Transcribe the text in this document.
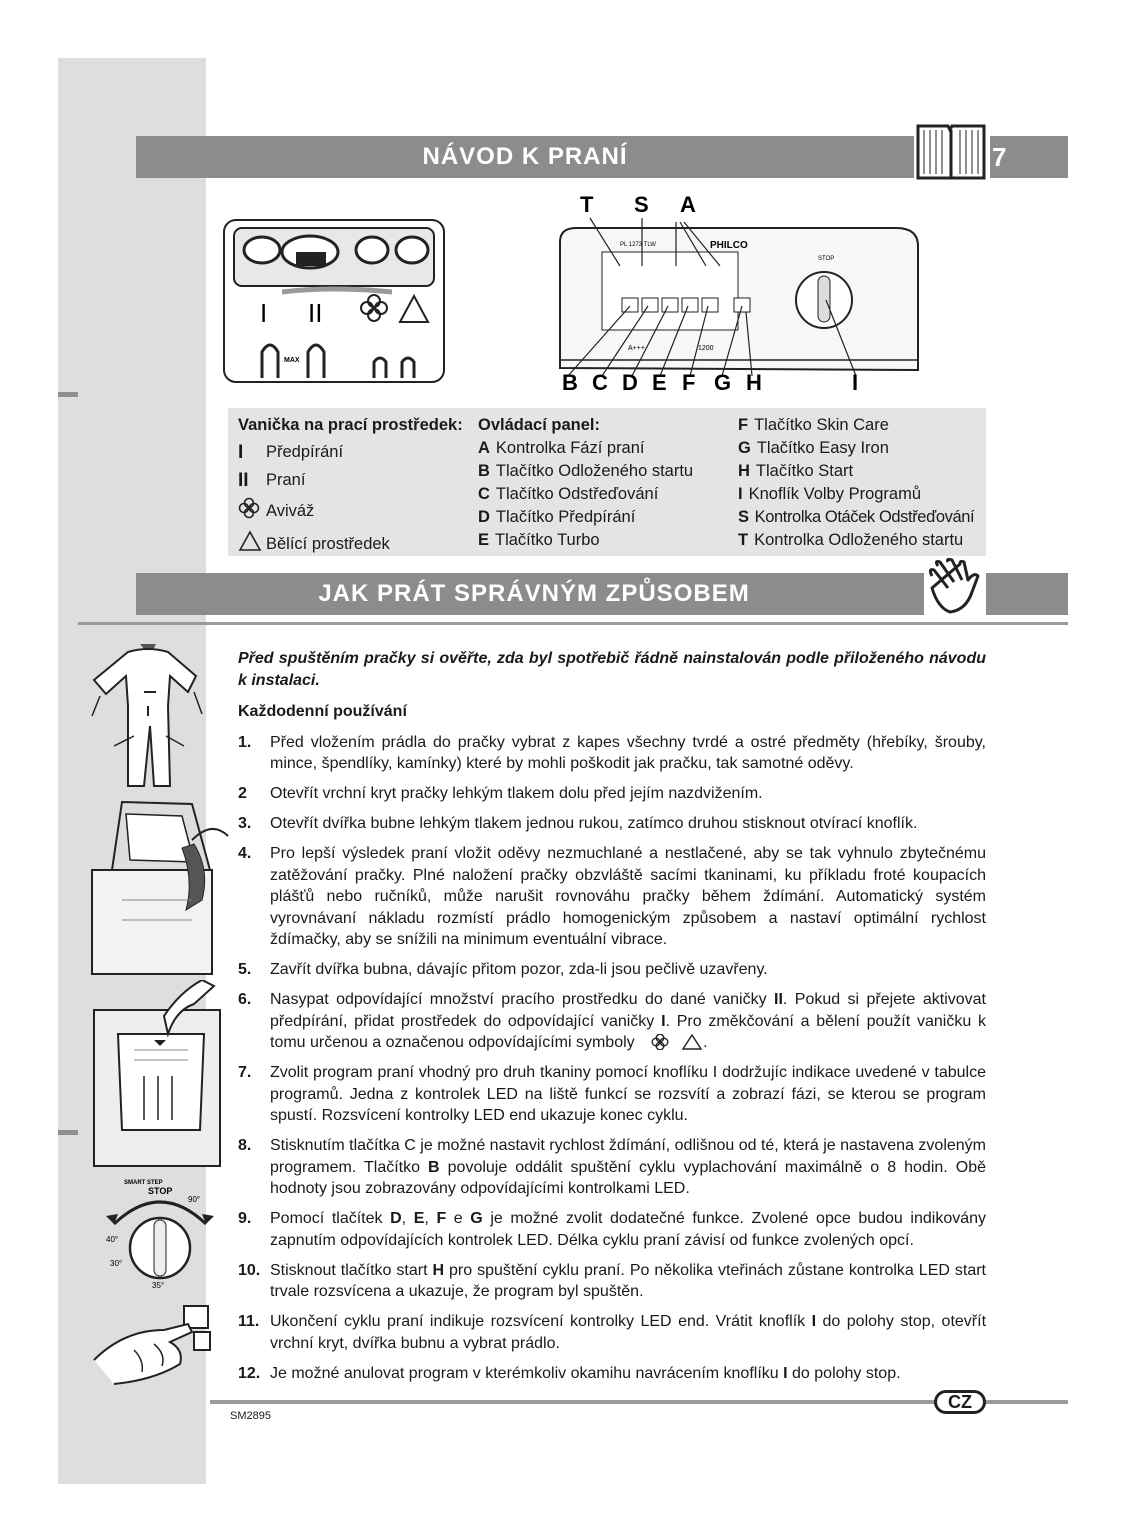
NÁVOD K PRANÍ	7
I II
MAX
T S A
PL 1273 TLW	PHILCO
STOP
1200
A+++
B C D E F G H	I
Vanička na prací prostředek:
I	Předpírání
II	Praní
Aviváž
Bělící prostředek
Ovládací panel:
A Kontrolka Fází praní
B Tlačítko Odloženého startu
C Tlačítko Odstřeďování
D Tlačítko Předpírání
E Tlačítko Turbo
F Tlačítko Skin Care
G Tlačítko Easy Iron
H Tlačítko Start
I Knoflík Volby Programů
S Kontrolka Otáček Odstřeďování
T Kontrolka Odloženého startu
JAK PRÁT SPRÁVNÝM ZPŮSOBEM
SMART STEP
STOP
90°
40°
30°
35°

Před spuštěním pračky si ověřte, zda byl spotřebič řádně nainstalován podle přiloženého návodu k instalaci.

Každodenní používání

1.	Před vložením prádla do pračky vybrat z kapes všechny tvrdé a ostré předměty (hřebíky, šrouby, mince, špendlíky, kamínky) které by mohli poškodit jak pračku, tak samotné oděvy.
2	Otevřít vrchní kryt pračky lehkým tlakem dolu před jejím nazdvižením.
3.	Otevřít dvířka bubne lehkým tlakem jednou rukou, zatímco druhou stisknout otvírací knoflík.
4.	Pro lepší výsledek praní vložit oděvy nezmuchlané a nestlačené, aby se tak vyhnulo zbytečnému zatěžování pračky. Plné naložení pračky obzvláště sacími tkaninami, ku příkladu froté koupacích plášťů nebo ručníků, může narušit rovnováhu pračky během ždímání. Automatický systém vyrovnávaní nákladu rozmístí prádlo homogenickým způsobem a nastaví optimální rychlost ždímačky, aby se snížili na minimum eventuální vibrace.
5.	Zavřít dvířka bubna, dávajíc přitom pozor, zda-li jsou pečlivě uzavřeny.
6.	Nasypat odpovídající množství pracího prostředku do dané vaničky II. Pokud si přejete aktivovat předpírání, přidat prostředek do odpovídající vaničky I. Pro změkčování a bělení použít vaničku k tomu určenou a označenou odpovídajícími symboly	.
7.	Zvolit program praní vhodný pro druh tkaniny pomocí knoflíku I dodržujíc indikace uvedené v tabulce programů. Jedna z kontrolek LED na liště funkcí se rozsvítí a zobrazí fázi, se kterou se program spustí. Rozsvícení kontrolky LED end ukazuje konec cyklu.
8.	Stisknutím tlačítka C je možné nastavit rychlost ždímání, odlišnou od té, která je nastavena zvoleným programem. Tlačítko B povoluje oddálit spuštění cyklu vyplachování maximálně o 8 hodin. Obě hodnoty jsou zobrazovány odpovídajícími kontrolkami LED.
9.	Pomocí tlačítek D, E, F e G je možné zvolit dodatečné funkce. Zvolené opce budou indikovány zapnutím odpovídajících kontrolek LED. Délka cyklu praní závisí od funkce zvolených opcí.
10. Stisknout tlačítko start H pro spuštění cyklu praní. Po několika vteřinách zůstane kontrolka LED start trvale rozsvícena a ukazuje, že program byl spuštěn.
11. Ukončení cyklu praní indikuje rozsvícení kontrolky LED end. Vrátit knoflík I do polohy stop, otevřít vrchní kryt, dvířka bubnu a vybrat prádlo.
12. Je možné anulovat program v kterémkoliv okamihu navrácením knoflíku I do polohy stop.
CZ
SM2895
